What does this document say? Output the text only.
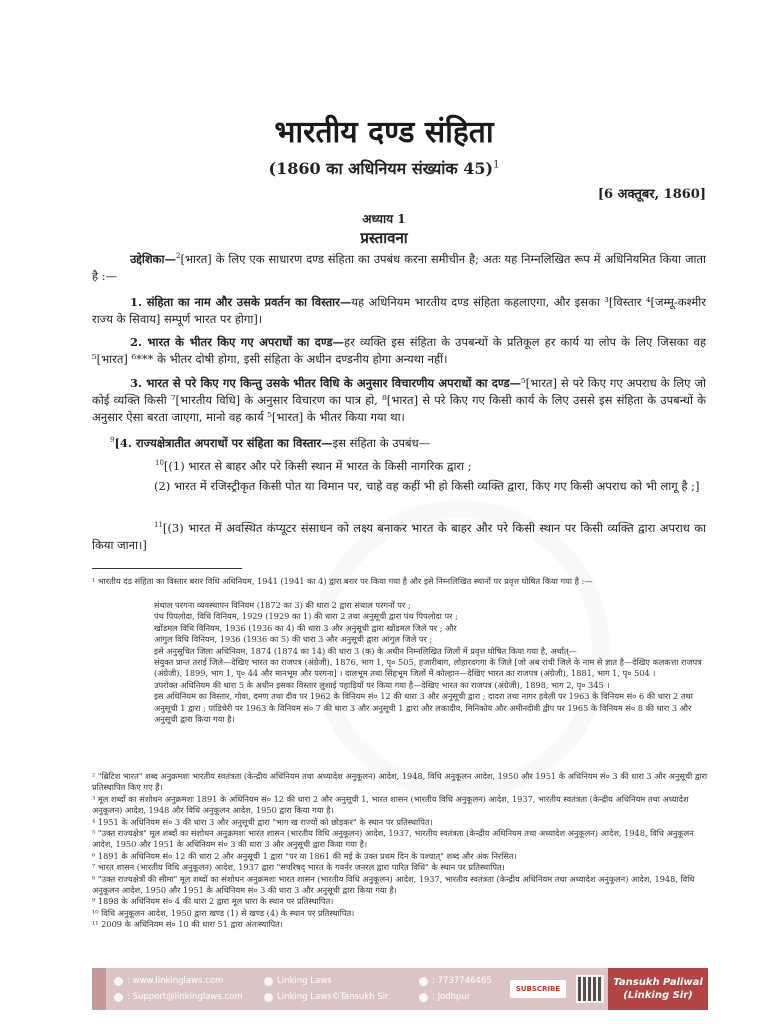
भारतीय दण्ड संहिता
(1860 का अधिनियम संख्यांक 45)$^1$
[6 अक्तूबर, 1860]
अध्याय 1
प्रस्तावना
उद्देशिका—$^2$[भारत] के लिए एक साधारण दण्ड संहिता का उपबंध करना समीचीन है; अतः यह निम्नलिखित रूप में अधिनियमित किया जाता है :—
1. संहिता का नाम और उसके प्रवर्तन का विस्तार—यह अधिनियम भारतीय दण्ड संहिता कहलाएगा, और इसका ³[विस्तार ⁴[जम्मू-कश्मीर राज्य के सिवाय] सम्पूर्ण भारत पर होगा]।
2. भारत के भीतर किए गए अपराधों का दण्ड—हर व्यक्ति इस संहिता के उपबन्धों के प्रतिकूल हर कार्य या लोप के लिए जिसका वह ⁵[भारत] ⁶*** के भीतर दोषी होगा, इसी संहिता के अधीन दण्डनीय होगा अन्यथा नहीं।
3. भारत से परे किए गए किन्तु उसके भीतर विधि के अनुसार विचारणीय अपराधों का दण्ड—⁵[भारत] से परे किए गए अपराध के लिए जो कोई व्यक्ति किसी ⁷[भारतीय विधि] के अनुसार विचारण का पात्र हो, ⁸[भारत] से परे किए गए किसी कार्य के लिए उससे इस संहिता के उपबन्धों के अनुसार ऐसा बरता जाएगा, मानो वह कार्य ⁵[भारत] के भीतर किया गया था।
$^9$[4. राज्यक्षेत्रातीत अपराधों पर संहिता का विस्तार—इस संहिता के उपबंध—
$^{10}$[(1) भारत से बाहर और परे किसी स्थान में भारत के किसी नागरिक द्वारा ;
(2) भारत में रजिस्ट्रीकृत किसी पोत या विमान पर, चाहे वह कहीं भी हो किसी व्यक्ति द्वारा, किए गए किसी अपराध को भी लागू है ;]
$^{11}$[(3) भारत में अवस्थित कंप्यूटर संसाधन को लक्ष्य बनाकर भारत के बाहर और परे किसी स्थान पर किसी व्यक्ति द्वारा अपराध का किया जाना।]
¹ भारतीय दंड संहिता का विस्तार बरार विधि अधिनियम, 1941 (1941 का 4) द्वारा बरार पर किया गया है और इसे निम्नलिखित स्थानों पर प्रवृत्त घोषित किया गया है :—
संथाल परगना व्यवस्थापन विनियम (1872 का 3) की धारा 2 द्वारा संथाल परगनों पर ;
पंथ पिपलोदा, विधि विनियम, 1929 (1929 का 1) की धारा 2 तथा अनुसूची द्वारा पंथ पिपलोदा पर ;
खोंडमल विधि विनियम, 1936 (1936 का 4) की धारा 3 और अनुसूची द्वारा खोंडमल जिले पर ; और
आंगुल विधि विनियम, 1936 (1936 का 5) की धारा 3 और अनुसूची द्वारा आंगुल जिले पर ;
इसे अनुसूचित जिला अधिनियम, 1874 (1874 का 14) की धारा 3 (क) के अधीन निम्नलिखित जिलों में प्रवृत्त घोषित किया गया है, अर्थात्—
संयुक्त प्रान्त तराई जिले—देखिए भारत का राजपत्र (अंग्रेजी), 1876, भाग 1, पृ० 505, हजारीबाग, लोहारदगगा के जिले [जो अब रांची जिले के नाम से ज्ञात है—देखिए कलकत्ता राजपत्र (अंग्रेजी), 1899, भाग 1, पृ० 44 और मानभूम और परगना] । दालभूम तथा सिंहभूम जिलों में कोल्हान—देखिए भारत का राजपत्र (अंग्रेजी), 1881, भाग 1, पृ० 504 ।
उपरोक्त अधिनियम की धारा 5 के अधीन इसका विस्तार लुशाई पहाड़ियों पर किया गया है—देखिए भारत का राजपत्र (अंग्रेजी), 1898, भाग 2, पृ० 345 ।
इस अधिनियम का विस्तार, गोवा, दमण तथा दीव पर 1962 के विनियम सं० 12 की धारा 3 और अनुसूची द्वारा ; दादरा तथा नागर हवेली पर 1963 के विनियम सं० 6 की धारा 2 तथा अनुसूची 1 द्वारा ; पांडिचेरी पर 1963 के विनियम सं० 7 की धारा 3 और अनुसूची 1 द्वारा और लकादीव, मिनिकोय और अमीनदीवी द्वीप पर 1965 के विनियम सं० 8 की धारा 3 और अनुसूची द्वारा किया गया है।
² "ब्रिटिश भारत" शब्द अनुक्रमशः भारतीय स्वतंत्रता (केन्द्रीय अधिनियम तथा अध्यादेश अनुकूलन) आदेश, 1948, विधि अनुकूलन आदेश, 1950 और 1951 के अधिनियम सं० 3 की धारा 3 और अनुसूची द्वारा प्रतिस्थापित किए गए हैं।
³ मूल शब्दों का संशोधन अनुक्रमशः 1891 के अधिनियम सं० 12 की धारा 2 और अनुसूची 1, भारत शासन (भारतीय विधि अनुकूलन) आदेश, 1937, भारतीय स्वतंत्रता (केन्द्रीय अधिनियम तथा अध्यादेश अनुकूलन) आदेश, 1948 और विधि अनुकूलन आदेश, 1950 द्वारा किया गया है।
⁴ 1951 के अधिनियम सं० 3 की धारा 3 और अनुसूची द्वारा "भाग ख राज्यों को छोड़कर" के स्थान पर प्रतिस्थापित।
⁵ "उक्त राज्यक्षेत्र" मूल शब्दों का संशोधन अनुक्रमशः भारत शासन (भारतीय विधि अनुकूलन) आदेश, 1937, भारतीय स्वतंत्रता (केन्द्रीय अधिनियम तथा अध्यादेश अनुकूलन) आदेश, 1948, विधि अनुकूलन आदेश, 1950 और 1951 के अधिनियम सं० 3 की धारा 3 और अनुसूची द्वारा किया गया है।
⁶ 1891 के अधिनियम सं० 12 की धारा 2 और अनुसूची 1 द्वारा "पर या 1861 की मई के उक्त प्रथम दिन के पश्चात्" शब्द और अंक निरसित।
⁷ भारत शासन (भारतीय विधि अनुकूलन) आदेश, 1937 द्वारा "सपरिषद् भारत के गवर्नर जनरल द्वारा पारित विधि" के स्थान पर प्रतिस्थापित।
⁸ "उक्त राज्यक्षेत्रों की सीमा" मूल शब्दों का संशोधन अनुक्रमशः भारत शासन (भारतीय विधि अनुकूलन) आदेश, 1937, भारतीय स्वतंत्रता (केन्द्रीय अधिनियम तथा अध्यादेश अनुकूलन) आदेश, 1948, विधि अनुकूलन आदेश, 1950 और 1951 के अधिनियम सं० 3 की धारा 3 और अनुसूची द्वारा किया गया है।
⁹ 1898 के अधिनियम सं० 4 की धारा 2 द्वारा मूल धारा के स्थान पर प्रतिस्थापित।
¹⁰ विधि अनुकूलन आदेश, 1950 द्वारा खण्ड (1) से खण्ड (4) के स्थान पर प्रतिस्थापित।
¹¹ 2009 के अधिनियम सं० 10 की धारा 51 द्वारा अंतःस्थापित।
: www.linkinglaws.com
: Support@linkinglaws.com
Linking Laws
Linking Laws©Tansukh Sir
: 7737746465
: Jodhpur
SUBSCRIBE
Tansukh Paliwal
(Linking Sir)
